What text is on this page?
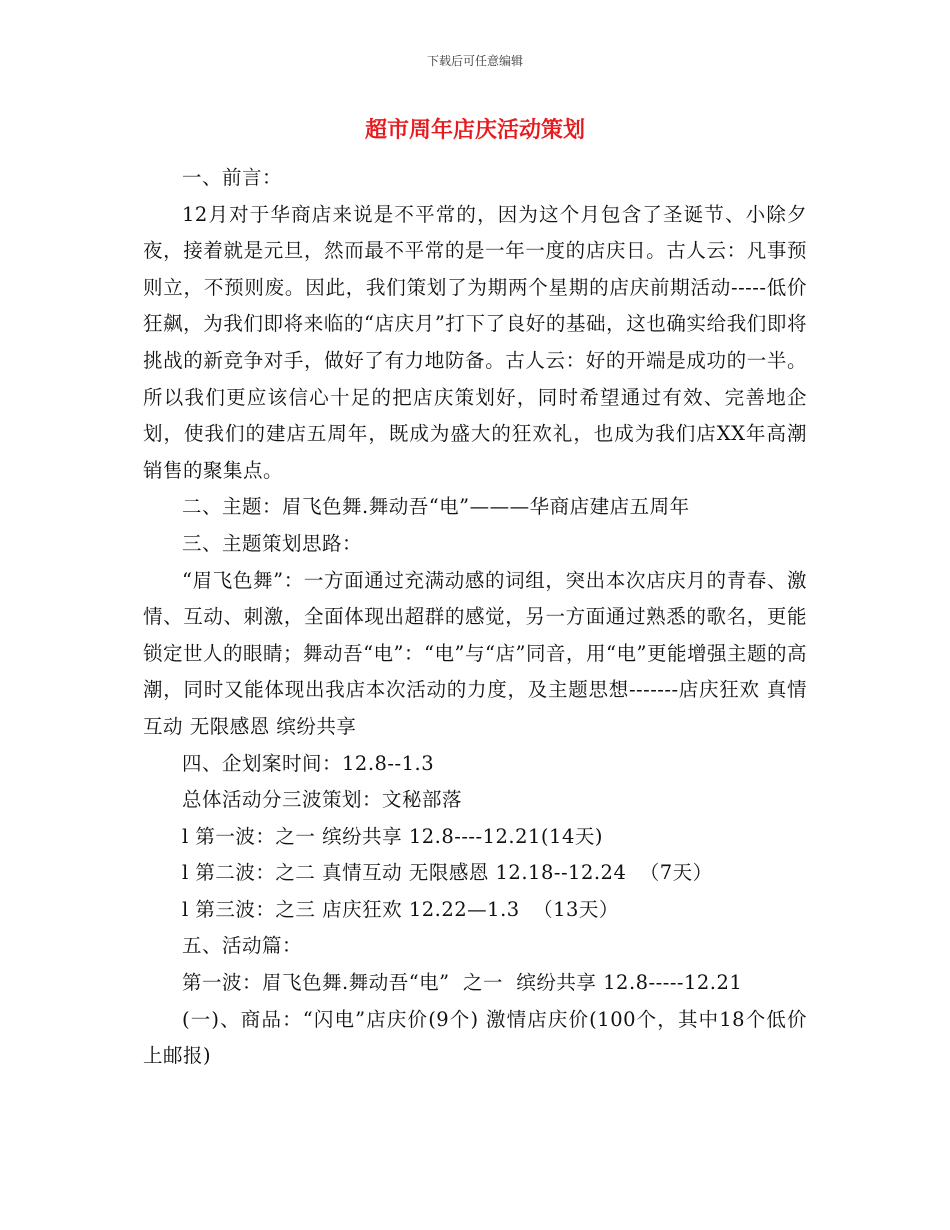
下载后可任意编辑
超市周年店庆活动策划

一、前言：

12月对于华商店来说是不平常的，因为这个月包含了圣诞节、小除夕夜，接着就是元旦，然而最不平常的是一年一度的店庆日。古人云：凡事预则立，不预则废。因此，我们策划了为期两个星期的店庆前期活动-----低价狂飙，为我们即将来临的“店庆月”打下了良好的基础，这也确实给我们即将挑战的新竞争对手，做好了有力地防备。古人云：好的开端是成功的一半。所以我们更应该信心十足的把店庆策划好，同时希望通过有效、完善地企划，使我们的建店五周年，既成为盛大的狂欢礼，也成为我们店XX年高潮销售的聚集点。

二、主题：眉飞色舞.舞动吾“电”———华商店建店五周年

三、主题策划思路：

“眉飞色舞”：一方面通过充满动感的词组，突出本次店庆月的青春、激情、互动、刺激，全面体现出超群的感觉，另一方面通过熟悉的歌名，更能锁定世人的眼睛；舞动吾“电”：“电”与“店”同音，用“电”更能增强主题的高潮，同时又能体现出我店本次活动的力度，及主题思想-------店庆狂欢 真情互动 无限感恩 缤纷共享

四、企划案时间：12.8--1.3

总体活动分三波策划：文秘部落

l 第一波：之一 缤纷共享 12.8----12.21(14天)

l 第二波：之二 真情互动 无限感恩 12.18--12.24  （7天）

l 第三波：之三 店庆狂欢 12.22—1.3  （13天）

五、活动篇：

第一波：眉飞色舞.舞动吾“电”  之一  缤纷共享 12.8-----12.21

(一)、商品：“闪电”店庆价(9个) 激情店庆价(100个，其中18个低价上邮报)
